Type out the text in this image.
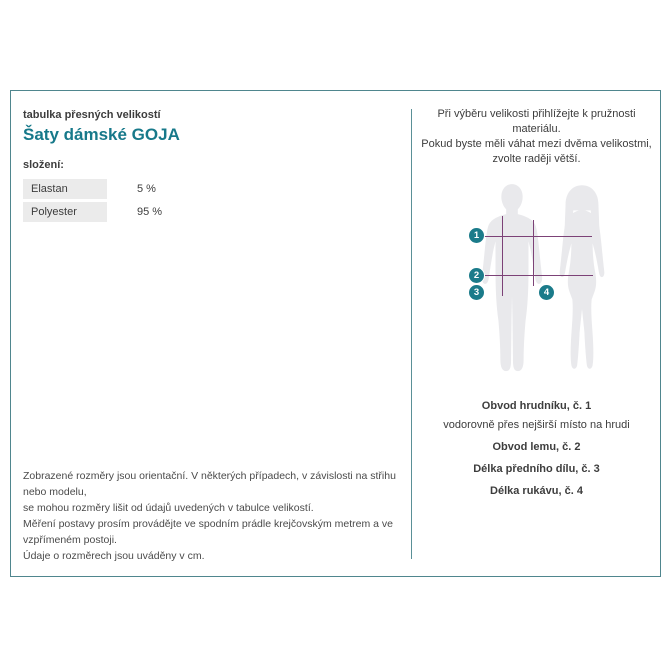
tabulka přesných velikostí
Šaty dámské GOJA
složení:
Elastan	5 %
Polyester	95 %
Zobrazené rozměry jsou orientační. V některých případech, v závislosti na střihu nebo modelu,
se mohou rozměry lišit od údajů uvedených v tabulce velikostí.
Měření postavy prosím provádějte ve spodním prádle krejčovským metrem a ve vzpřímeném postoji.
Údaje o rozměrech jsou uváděny v cm.
Při výběru velikosti přihlížejte k pružnosti materiálu.
Pokud byste měli váhat mezi dvěma velikostmi,
zvolte raději větší.
1
2
3	4
Obvod hrudníku, č. 1
vodorovně přes nejširší místo na hrudi
Obvod lemu, č. 2
Délka předního dílu, č. 3
Délka rukávu, č. 4
